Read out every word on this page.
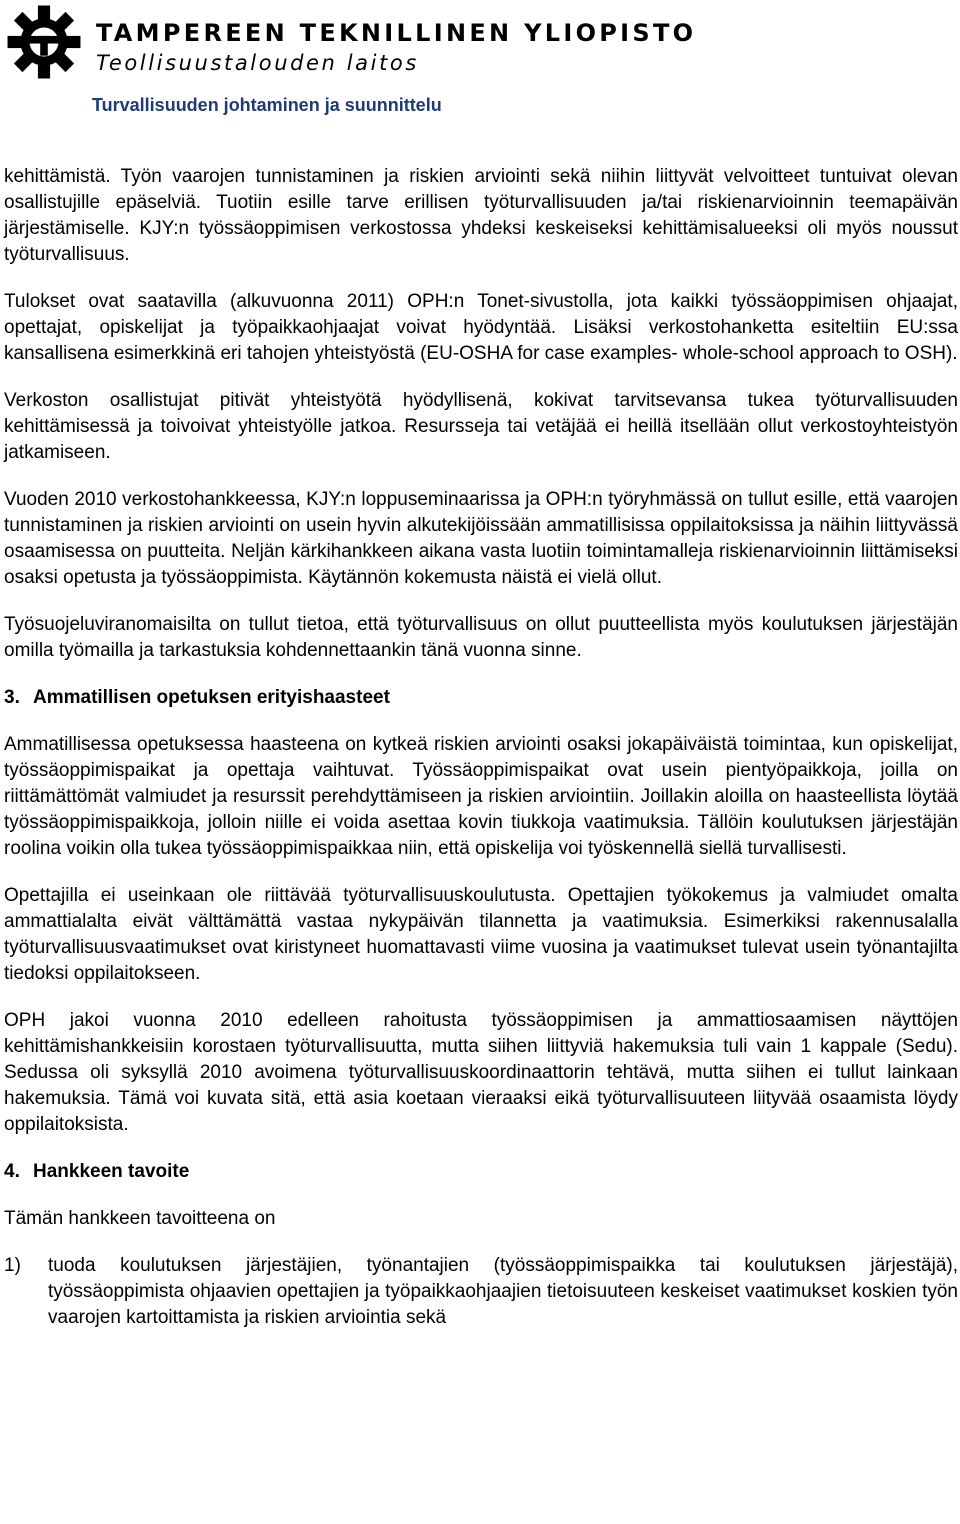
TAMPEREEN TEKNILLINEN YLIOPISTO
Teollisuustalouden laitos
Turvallisuuden johtaminen ja suunnittelu

kehittämistä. Työn vaarojen tunnistaminen ja riskien arviointi sekä niihin liittyvät velvoitteet tuntuivat olevan osallistujille epäselviä. Tuotiin esille tarve erillisen työturvallisuuden ja/tai riskienarvioinnin teemapäivän järjestämiselle. KJY:n työssäoppimisen verkostossa yhdeksi keskeiseksi kehittämisalueeksi oli myös noussut työturvallisuus.

Tulokset ovat saatavilla (alkuvuonna 2011) OPH:n Tonet-sivustolla, jota kaikki työssäoppimisen ohjaajat, opettajat, opiskelijat ja työpaikkaohjaajat voivat hyödyntää. Lisäksi verkostohanketta esiteltiin EU:ssa kansallisena esimerkkinä eri tahojen yhteistyöstä (EU-OSHA for case examples- whole-school approach to OSH).

Verkoston osallistujat pitivät yhteistyötä hyödyllisenä, kokivat tarvitsevansa tukea työturvallisuuden kehittämisessä ja toivoivat yhteistyölle jatkoa. Resursseja tai vetäjää ei heillä itsellään ollut verkostoyhteistyön jatkamiseen.

Vuoden 2010 verkostohankkeessa, KJY:n loppuseminaarissa ja OPH:n työryhmässä on tullut esille, että vaarojen tunnistaminen ja riskien arviointi on usein hyvin alkutekijöissään ammatillisissa oppilaitoksissa ja näihin liittyvässä osaamisessa on puutteita. Neljän kärkihankkeen aikana vasta luotiin toimintamalleja riskienarvioinnin liittämiseksi osaksi opetusta ja työssäoppimista. Käytännön kokemusta näistä ei vielä ollut.

Työsuojeluviranomaisilta on tullut tietoa, että työturvallisuus on ollut puutteellista myös koulutuksen järjestäjän omilla työmailla ja tarkastuksia kohdennettaankin tänä vuonna sinne.

3. Ammatillisen opetuksen erityishaasteet

Ammatillisessa opetuksessa haasteena on kytkeä riskien arviointi osaksi jokapäiväistä toimintaa, kun opiskelijat, työssäoppimispaikat ja opettaja vaihtuvat. Työssäoppimispaikat ovat usein pientyöpaikkoja, joilla on riittämättömät valmiudet ja resurssit perehdyttämiseen ja riskien arviointiin. Joillakin aloilla on haasteellista löytää työssäoppimispaikkoja, jolloin niille ei voida asettaa kovin tiukkoja vaatimuksia. Tällöin koulutuksen järjestäjän roolina voikin olla tukea työssäoppimispaikkaa niin, että opiskelija voi työskennellä siellä turvallisesti.

Opettajilla ei useinkaan ole riittävää työturvallisuuskoulutusta. Opettajien työkokemus ja valmiudet omalta ammattialalta eivät välttämättä vastaa nykypäivän tilannetta ja vaatimuksia. Esimerkiksi rakennusalalla työturvallisuusvaatimukset ovat kiristyneet huomattavasti viime vuosina ja vaatimukset tulevat usein työnantajilta tiedoksi oppilaitokseen.

OPH jakoi vuonna 2010 edelleen rahoitusta työssäoppimisen ja ammattiosaamisen näyttöjen kehittämishankkeisiin korostaen työturvallisuutta, mutta siihen liittyviä hakemuksia tuli vain 1 kappale (Sedu). Sedussa oli syksyllä 2010 avoimena työturvallisuuskoordinaattorin tehtävä, mutta siihen ei tullut lainkaan hakemuksia. Tämä voi kuvata sitä, että asia koetaan vieraaksi eikä työturvallisuuteen liityvää osaamista löydy oppilaitoksista.

4. Hankkeen tavoite

Tämän hankkeen tavoitteena on

1) tuoda koulutuksen järjestäjien, työnantajien (työssäoppimispaikka tai koulutuksen järjestäjä), työssäoppimista ohjaavien opettajien ja työpaikkaohjaajien tietoisuuteen keskeiset vaatimukset koskien työn vaarojen kartoittamista ja riskien arviointia sekä
